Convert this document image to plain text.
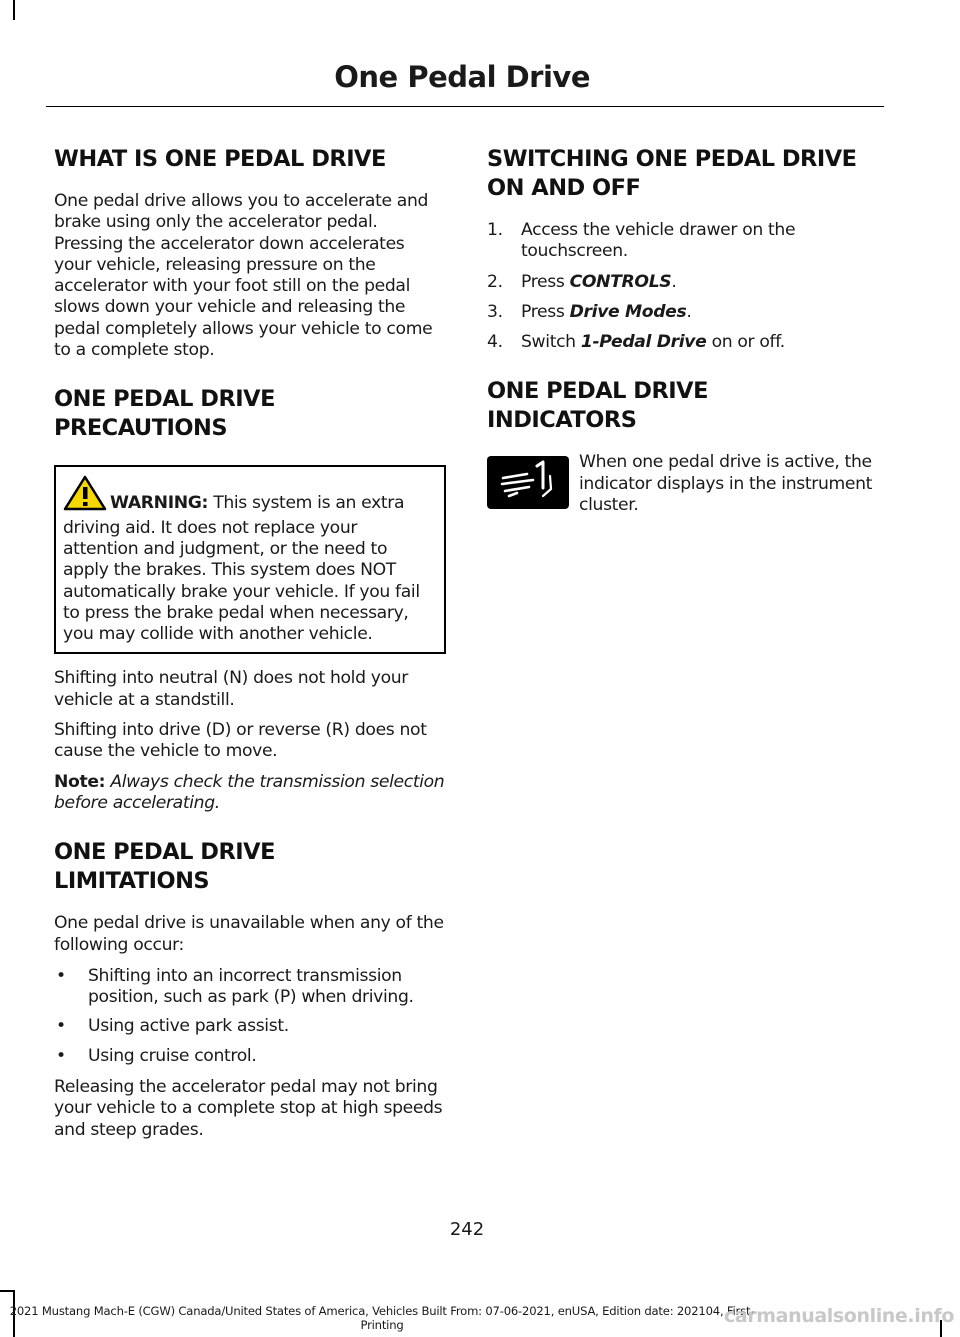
One Pedal Drive
WHAT IS ONE PEDAL DRIVE

One pedal drive allows you to accelerate and brake using only the accelerator pedal. Pressing the accelerator down accelerates your vehicle, releasing pressure on the accelerator with your foot still on the pedal slows down your vehicle and releasing the pedal completely allows your vehicle to come to a complete stop.

ONE PEDAL DRIVE
PRECAUTIONS
WARNING: This system is an extra driving aid. It does not replace your attention and judgment, or the need to apply the brakes. This system does NOT automatically brake your vehicle. If you fail to press the brake pedal when necessary, you may collide with another vehicle.

Shifting into neutral (N) does not hold your vehicle at a standstill.

Shifting into drive (D) or reverse (R) does not cause the vehicle to move.

Note: Always check the transmission selection before accelerating.

ONE PEDAL DRIVE
LIMITATIONS

One pedal drive is unavailable when any of the following occur:

• Shifting into an incorrect transmission position, such as park (P) when driving.
• Using active park assist.
• Using cruise control.

Releasing the accelerator pedal may not bring your vehicle to a complete stop at high speeds and steep grades.

SWITCHING ONE PEDAL DRIVE
ON AND OFF
1. Access the vehicle drawer on the touchscreen.
2. Press CONTROLS.
3. Press Drive Modes.
4. Switch 1-Pedal Drive on or off.
ONE PEDAL DRIVE
INDICATORS

When one pedal drive is active, the indicator displays in the instrument cluster.

242
2021 Mustang Mach-E (CGW) Canada/United States of America, Vehicles Built From: 07-06-2021, enUSA, Edition date: 202104, First-Printing	carmanualsonline.info
